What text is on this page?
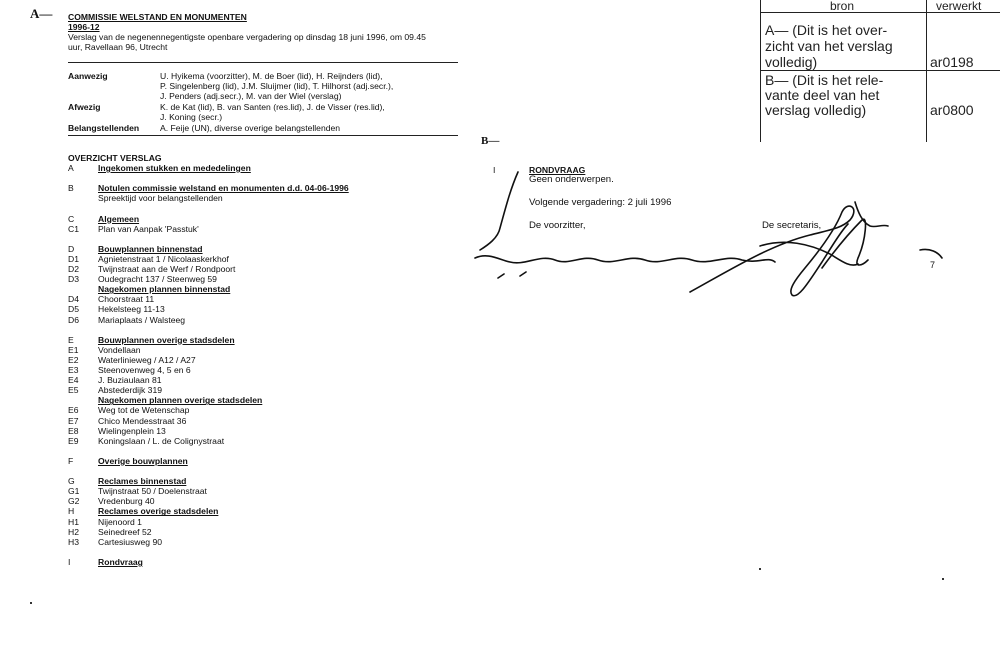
A— COMMISSIE WELSTAND EN MONUMENTEN
1996-12
Verslag van de negenennegentigste openbare vergadering op dinsdag 18 juni 1996, om 09.45
uur, Ravellaan 96, Utrecht
Aanwezig	U. Hyikema (voorzitter), M. de Boer (lid), H. Reijnders (lid),
P. Singelenberg (lid), J.M. Sluijmer (lid), T. Hilhorst (adj.secr.),
J. Penders (adj.secr.), M. van der Wiel (verslag)
Afwezig	K. de Kat (lid), B. van Santen (res.lid), J. de Visser (res.lid),
J. Koning (secr.)
Belangstellenden A. Feije (UN), diverse overige belangstellenden
OVERZICHT VERSLAG
A	Ingekomen stukken en mededelingen
B	Notulen commissie welstand en monumenten d.d. 04-06-1996
Spreektijd voor belangstellenden
C	Algemeen
C1 Plan van Aanpak 'Passtuk'
D	Bouwplannen binnenstad
D1 Agnietenstraat 1 / Nicolaaskerkhof
D2 Twijnstraat aan de Werf / Rondpoort
D3 Oudegracht 137 / Steenweg 59
Nagekomen plannen binnenstad
D4 Choorstraat 11
D5 Hekelsteeg 11-13
D6 Mariaplaats / Walsteeg
E	Bouwplannen overige stadsdelen
E1 Vondellaan
E2 Waterlinieweg / A12 / A27
E3 Steenovenweg 4, 5 en 6
E4 J. Buziaulaan 81
E5 Abstederdijk 319
Nagekomen plannen overige stadsdelen
E6 Weg tot de Wetenschap
E7 Chico Mendesstraat 36
E8 Wielingenplein 13
E9 Koningslaan / L. de Colignystraat
F	Overige bouwplannen
G	Reclames binnenstad
G1 Twijnstraat 50 / Doelenstraat
G2 Vredenburg 40
H	Reclames overige stadsdelen
H1 Nijenoord 1
H2 Seinedreef 52
H3 Cartesiusweg 90
I	Rondvraag
B—
I	RONDVRAAG
Geen onderwerpen.
Volgende vergadering: 2 juli 1996
De voorzitter,	De secretaris,
7
bron	verwerkt
A— (Dit is het over-
zicht van het verslag
volledig)	ar0198
B— (Dit is het rele-
vante deel van het
verslag volledig)	ar0800
